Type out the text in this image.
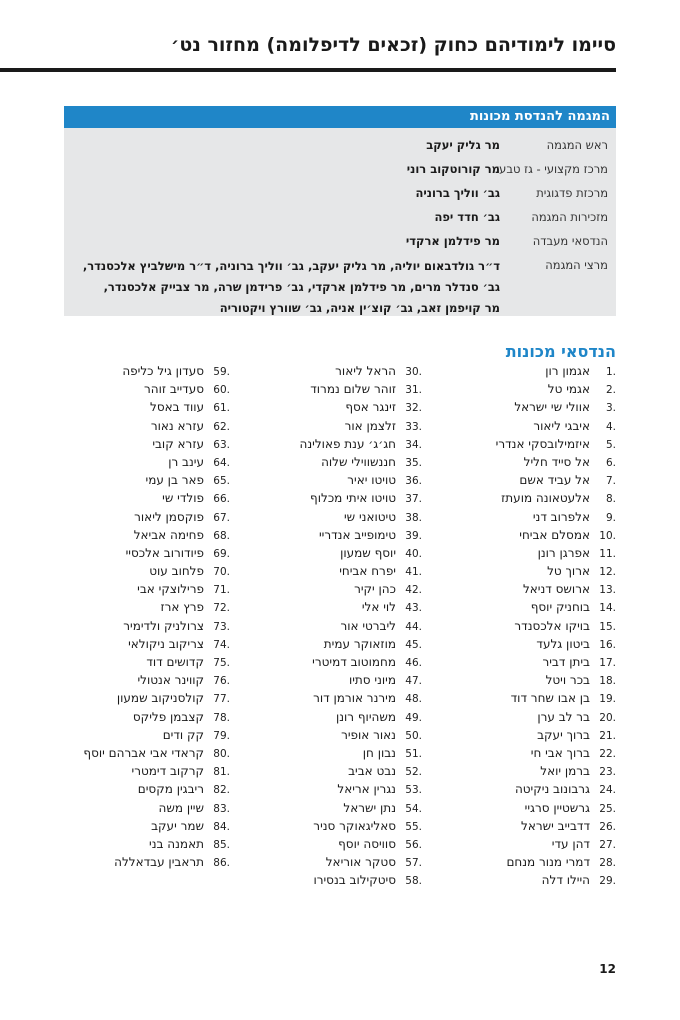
סיימו לימודיהם כחוק (זכאים לדיפלומה) מחזור נט׳
המגמה להנדסת מכונות
ראש המגמה
מר גליק יעקב
מרכז מקצועי - גז טבעי
מר קורוטקוב רוני
מרכזת פדגוגית
גב׳ ווליך ברוניה
מזכירות המגמה
גב׳ חדד יפה
הנדסאי מעבדה
מר פידלמן ארקדי
מרצי המגמה
ד״ר גולדבאום יוליה, מר גליק יעקב, גב׳ ווליך ברוניה, ד״ר מישלביץ אלכסנדר,
גב׳ סנדלר מרים, מר פידלמן ארקדי, גב׳ פרידמן שרה, מר צבייק אלכסנדר,
מר קויפמן זאב, גב׳ קוצ׳ין אניה, גב׳ שוורץ ויקטוריה
הנדסאי מכונות
1.אגמון רון
2.אגמי טל
3.אוולי שי ישראל
4.איבגי ליאור
5.איזמילובסקי אנדרי
6.אל סייד חליל
7.אל עביד אשם
8.אלעטאונה מועתז
9.אלפרוב דני
10.אמסלם אביחי
11.אפרגן רונן
12.ארוך טל
13.ארושס דניאל
14.בוחניק יוסף
15.בויקו אלכסנדר
16.ביטון גלעד
17.ביתן דביר
18.בכר ויטל
19.בן אבו שחר דוד
20.בר לב ערן
21.ברוך יעקב
22.ברוך אבי חי
23.ברמן יואל
24.גרבונוב ניקיטה
25.גרשטיין סרגיי
26.דדבייב ישראל
27.דהן עדי
28.דמרי מנור מנחם
29.היילו דלה
30.הראל ליאור
31.זוהר שלום נמרוד
32.זינגר אסף
33.זלצמן אור
34.חג׳ג׳ ענת פאולינה
35.חננשווילי שלוה
36.טויטו יאיר
37.טויטו איתי מכלוף
38.טיטואני שי
39.טימופייב אנדריי
40.יוסף שמעון
41.יפרח אביחי
42.כהן יקיר
43.לוי אלי
44.ליברטי אור
45.מוזאוקר עמית
46.מחמוטוב דמיטרי
47.מיוני סתיו
48.מירנר אורמן דור
49.משהיוף רונן
50.נאור אופיר
51.נבון חן
52.נבט אביב
53.נגרין אריאל
54.נתן ישראל
55.סאליגאוקר סניר
56.סוויסה יוסף
57.סטקר אוריאל
58.סיטקילוב בנסירו
59.סעדון גיל כליפה
60.סעדייב זוהר
61.עווד באסל
62.עזרא נאור
63.עזרא קובי
64.עינב רן
65.פאר בן עמי
66.פולדי שי
67.פוקסמן ליאור
68.פחימה אביאל
69.פיודורוב אלכסיי
70.פלחוב עוט
71.פרילוצקי אבי
72.פרץ ארז
73.צרולניק ולדימיר
74.צריקוב ניקולאי
75.קדושים דוד
76.קווינר אנטולי
77.קולסניקוב שמעון
78.קצבמן פליקס
79.קק ודים
80.קראדי אבי אברהם יוסף
81.קרקוב דימטרי
82.ריבגין מקסים
83.שיין משה
84.שמר יעקב
85.תאמנה בני
86.תראבין עבדאללה
12
